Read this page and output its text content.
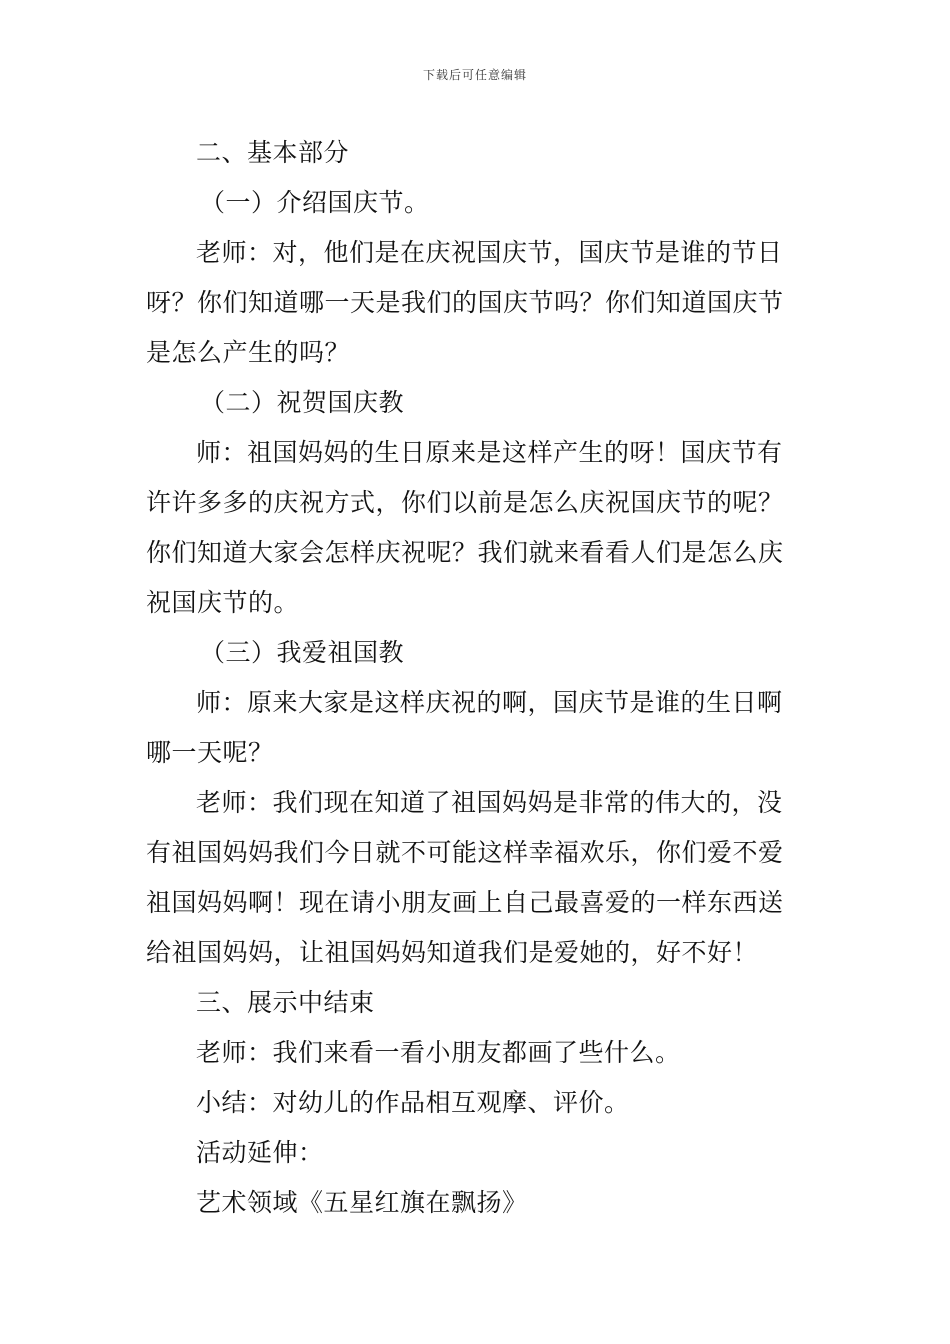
下载后可任意编辑

二、基本部分

（一）介绍国庆节。

老师：对，他们是在庆祝国庆节，国庆节是谁的节日呀？你们知道哪一天是我们的国庆节吗？你们知道国庆节是怎么产生的吗？

（二）祝贺国庆教

师：祖国妈妈的生日原来是这样产生的呀！国庆节有许许多多的庆祝方式，你们以前是怎么庆祝国庆节的呢？你们知道大家会怎样庆祝呢？我们就来看看人们是怎么庆祝国庆节的。

（三）我爱祖国教

师：原来大家是这样庆祝的啊，国庆节是谁的生日啊哪一天呢？

老师：我们现在知道了祖国妈妈是非常的伟大的，没有祖国妈妈我们今日就不可能这样幸福欢乐，你们爱不爱祖国妈妈啊！现在请小朋友画上自己最喜爱的一样东西送给祖国妈妈，让祖国妈妈知道我们是爱她的，好不好！

三、展示中结束

老师：我们来看一看小朋友都画了些什么。

小结：对幼儿的作品相互观摩、评价。

活动延伸：

艺术领域《五星红旗在飘扬》
